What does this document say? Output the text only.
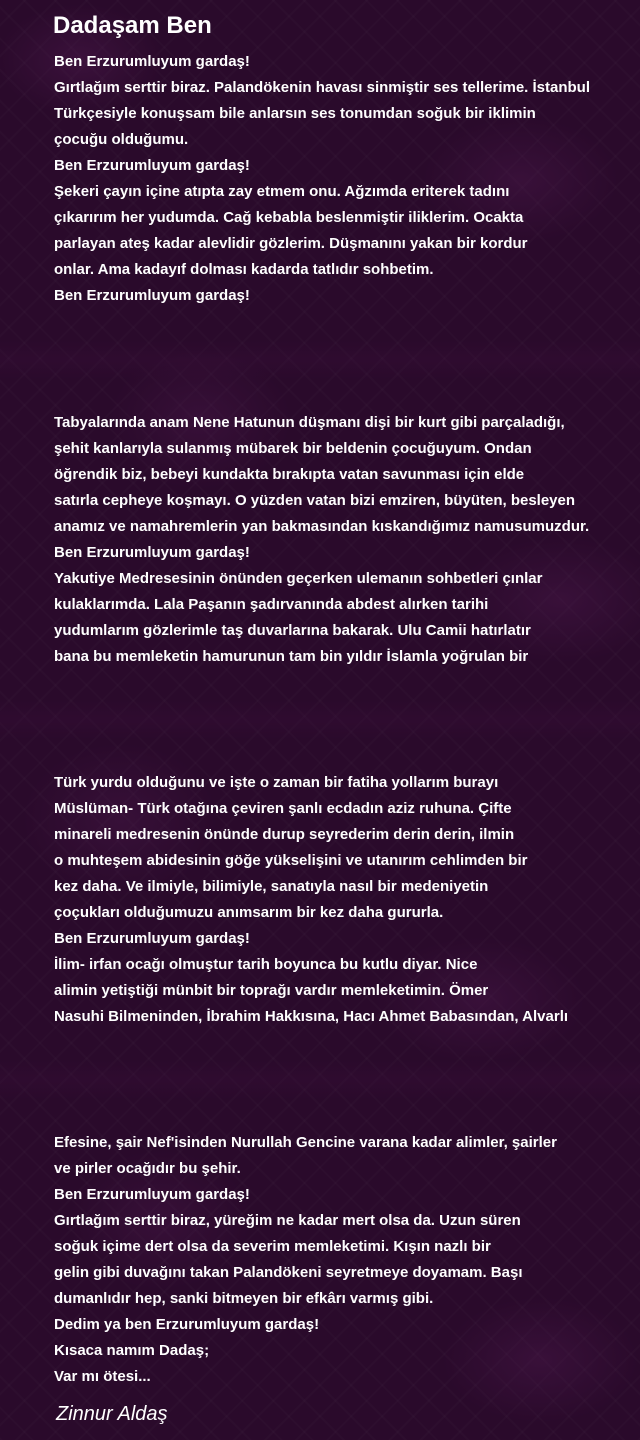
Dadaşam Ben
Ben Erzurumluyum gardaş!
Gırtlağım serttir biraz. Palandökenin havası sinmiştir ses tellerime. İstanbul
Türkçesiyle konuşsam bile anlarsın ses tonumdan soğuk bir iklimin
çocuğu olduğumu.
Ben Erzurumluyum gardaş!
Şekeri çayın içine atıpta zay etmem onu. Ağzımda eriterek tadını
çıkarırım her yudumda. Cağ kebabla beslenmiştir iliklerim. Ocakta
parlayan ateş kadar alevlidir gözlerim. Düşmanını yakan bir kordur
onlar. Ama kadayıf dolması kadarda tatlıdır sohbetim.
Ben Erzurumluyum gardaş!
Tabyalarında anam Nene Hatunun düşmanı dişi bir kurt gibi parçaladığı,
şehit kanlarıyla sulanmış mübarek bir beldenin çocuğuyum. Ondan
öğrendik biz, bebeyi kundakta bırakıpta vatan savunması için elde
satırla cepheye koşmayı. O yüzden vatan bizi emziren, büyüten, besleyen
anamız ve namahremlerin yan bakmasından kıskandığımız namusumuzdur.
Ben Erzurumluyum gardaş!
Yakutiye Medresesinin önünden geçerken ulemanın sohbetleri çınlar
kulaklarımda. Lala Paşanın şadırvanında abdest alırken tarihi
yudumlarım gözlerimle taş duvarlarına bakarak. Ulu Camii hatırlatır
bana bu memleketin hamurunun tam bin yıldır İslamla yoğrulan bir
Türk yurdu olduğunu ve işte o zaman bir fatiha yollarım burayı
Müslüman- Türk otağına çeviren şanlı ecdadın aziz ruhuna. Çifte
minareli medresenin önünde durup seyrederim derin derin, ilmin
o muhteşem abidesinin göğe yükselişini ve utanırım cehlimden bir
kez daha. Ve ilmiyle, bilimiyle, sanatıyla nasıl bir medeniyetin
çoçukları olduğumuzu anımsarım bir kez daha gururla.
Ben Erzurumluyum gardaş!
İlim- irfan ocağı olmuştur tarih boyunca bu kutlu diyar. Nice
alimin yetiştiği münbit bir toprağı vardır memleketimin. Ömer
Nasuhi Bilmeninden, İbrahim Hakkısına, Hacı Ahmet Babasından, Alvarlı
Efesine, şair Nef'isinden Nurullah Gencine varana kadar alimler, şairler
ve pirler ocağıdır bu şehir.
Ben Erzurumluyum gardaş!
Gırtlağım serttir biraz, yüreğim ne kadar mert olsa da. Uzun süren
soğuk içime dert olsa da severim memleketimi. Kışın nazlı bir
gelin gibi duvağını takan Palandökeni seyretmeye doyamam. Başı
dumanlıdır hep, sanki bitmeyen bir efkârı varmış gibi.
Dedim ya ben Erzurumluyum gardaş!
Kısaca namım Dadaş;
Var mı ötesi...

Zinnur Aldaş
